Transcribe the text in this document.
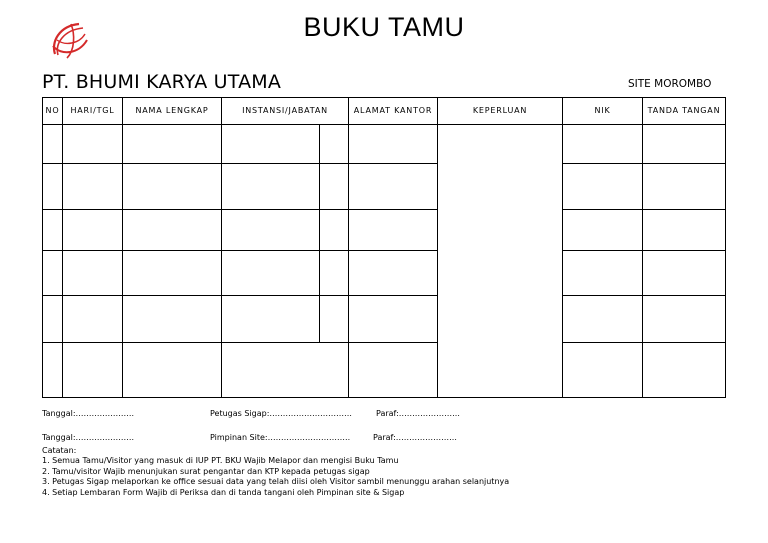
BUKU TAMU
PT. BHUMI KARYA UTAMA	SITE MOROMBO
NO	HARI/TGL	NAMA LENGKAP	INSTANSI/JABATAN	ALAMAT KANTOR	KEPERLUAN	NIK	TANDA TANGAN
Tanggal:………………….	Petugas Sigap:………………………….	Paraf:…………………..
Tanggal:………………….	Pimpinan Site:………………………….	Paraf:…………………..
Catatan:
1. Semua Tamu/Visitor yang masuk di IUP PT. BKU Wajib Melapor dan mengisi Buku Tamu
2. Tamu/visitor Wajib menunjukan surat pengantar dan KTP kepada petugas sigap
3. Petugas Sigap melaporkan ke office sesuai data yang telah diisi oleh Visitor sambil menunggu arahan selanjutnya
4. Setiap Lembaran Form Wajib di Periksa dan di tanda tangani oleh Pimpinan site & Sigap
